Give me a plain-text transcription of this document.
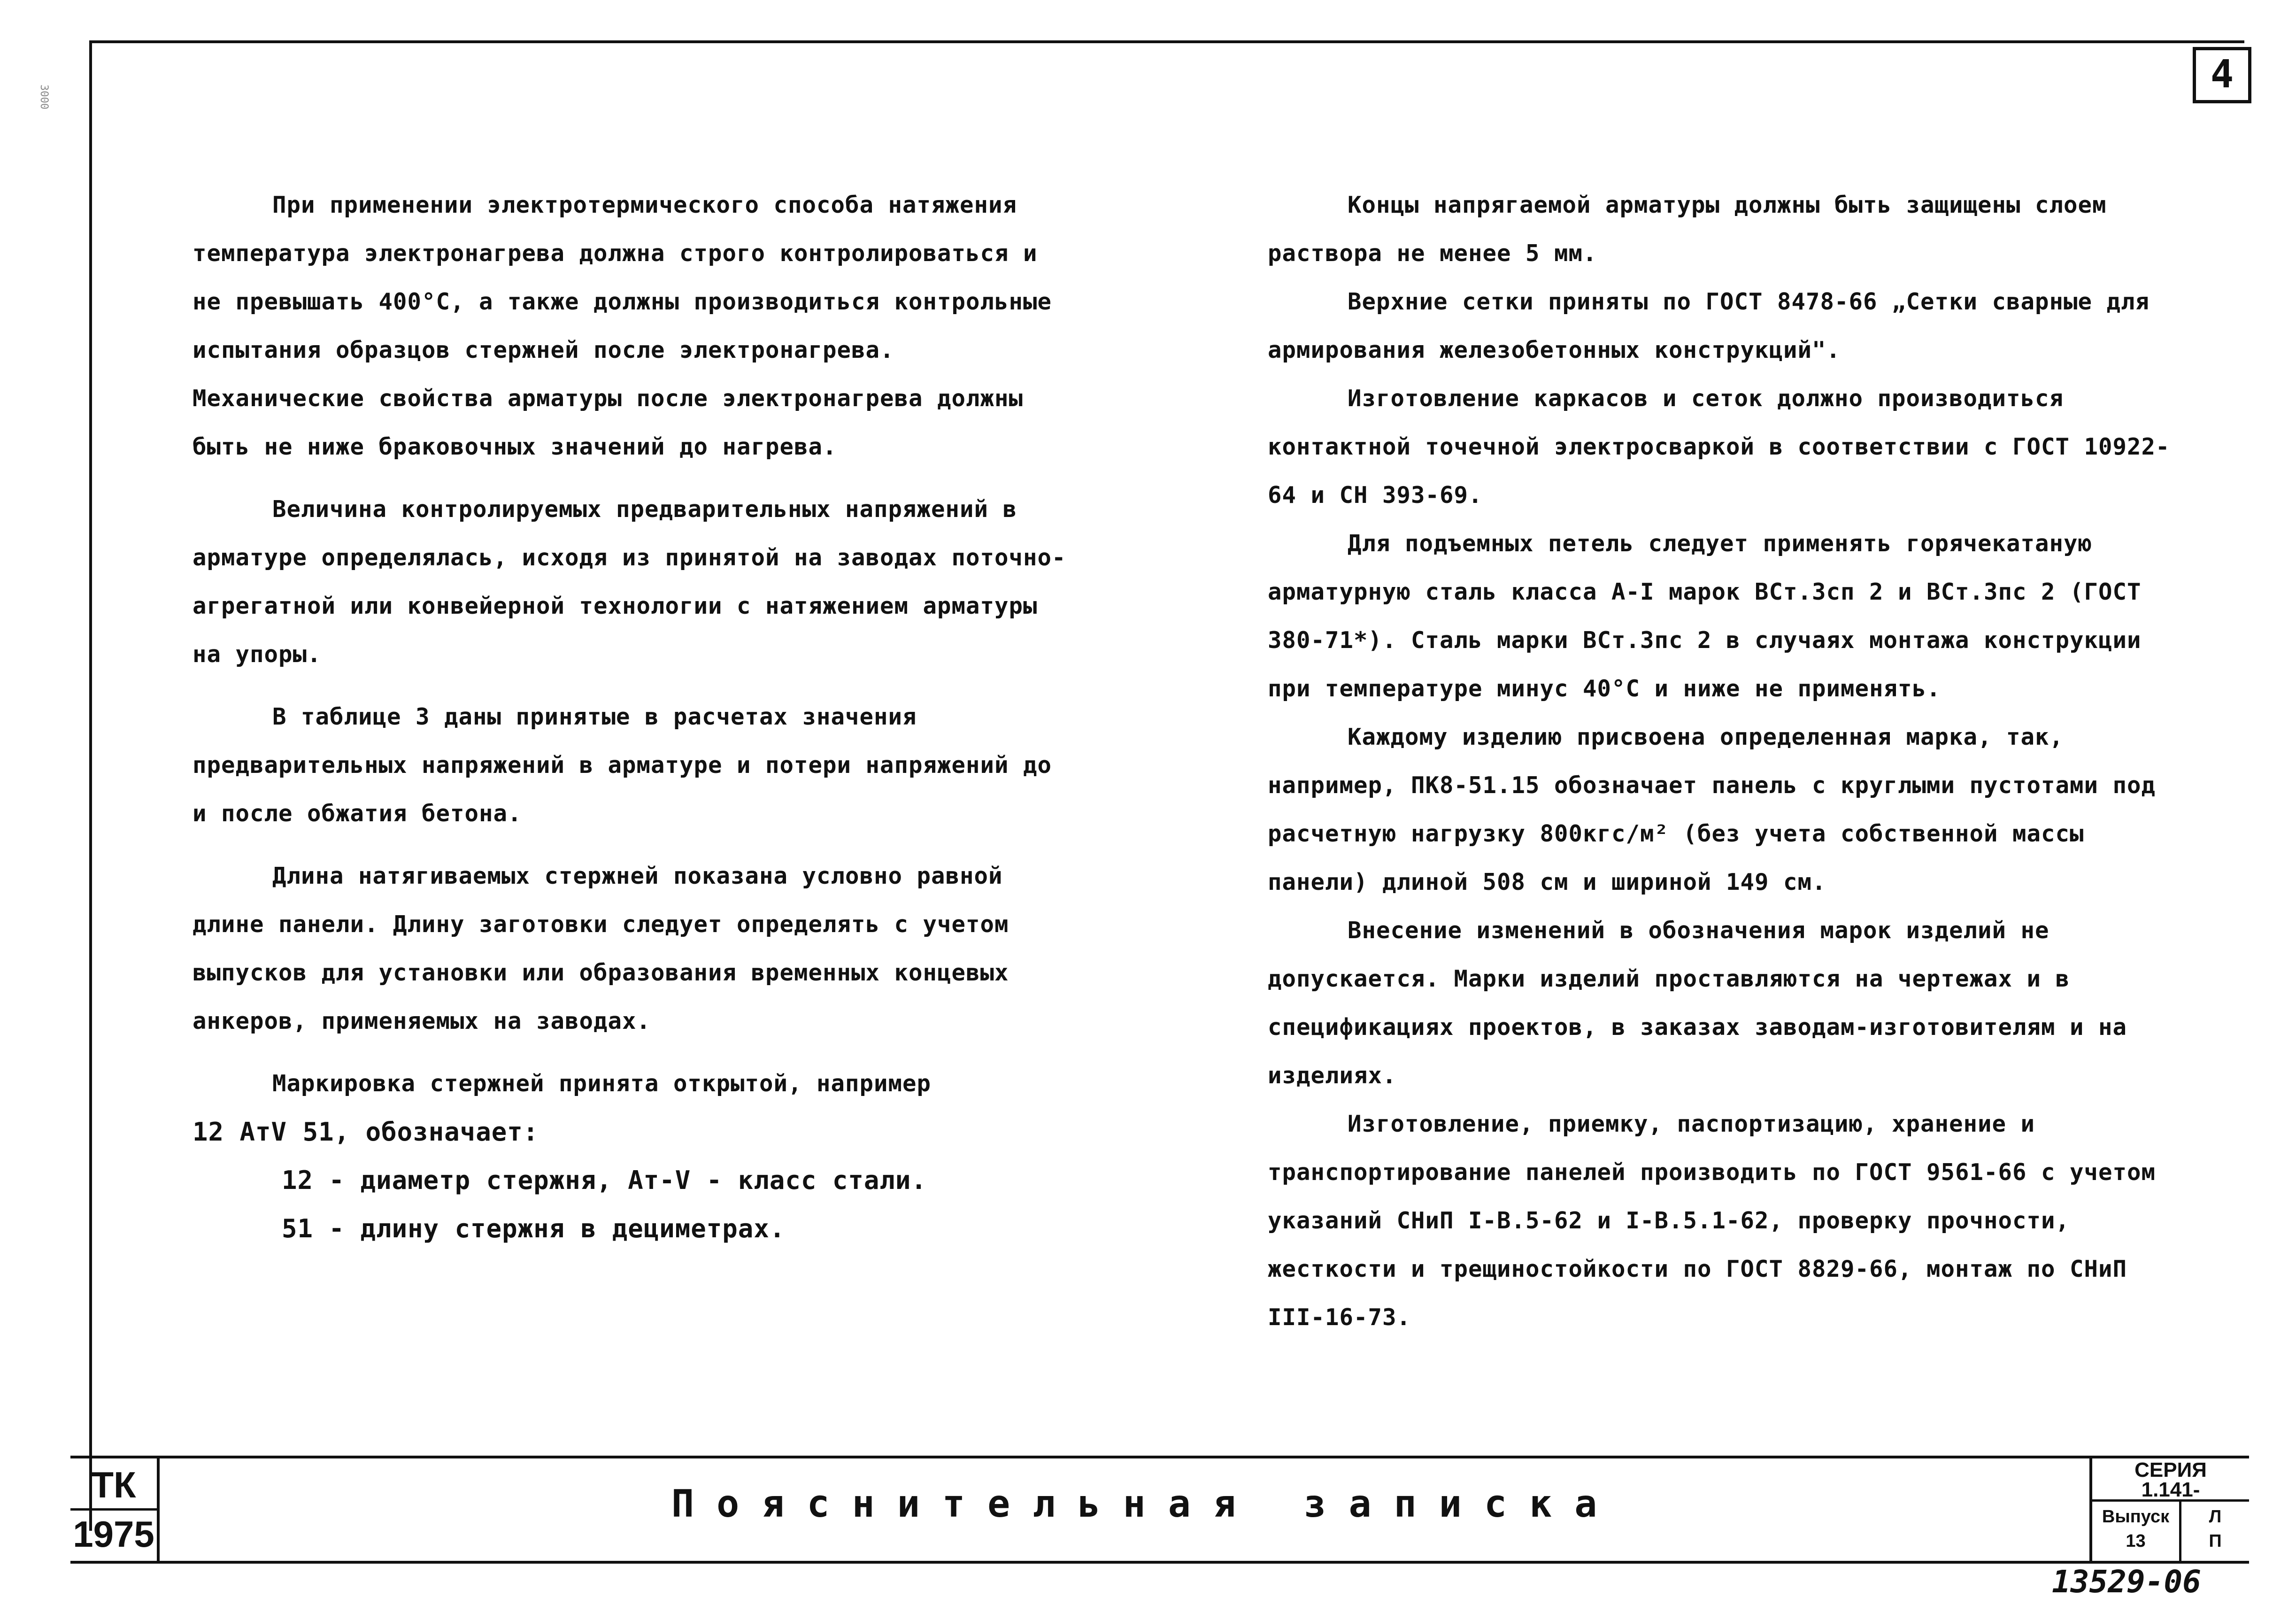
3000
4

При применении электротермического способа натяжения температура электронагрева должна строго контролироваться и не превышать 400°С, а также должны производиться контрольные испытания образцов стержней после электронагрева.

Механические свойства арматуры после электронагрева должны быть не ниже браковочных значений до нагрева.

Величина контролируемых предварительных напряжений в арматуре определялась, исходя из принятой на заводах поточно-агрегатной или конвейерной технологии с натяжением арматуры на упоры.

В таблице 3 даны принятые в расчетах значения предварительных напряжений в арматуре и потери напряжений до и после обжатия бетона.

Длина натягиваемых стержней показана условно равной длине панели. Длину заготовки следует определять с учетом выпусков для установки или образования временных концевых анкеров, применяемых на заводах.

Маркировка стержней принята открытой, например

12 АтV 51, обозначает:
12 - диаметр стержня, Ат-V - класс стали.
51 - длину стержня в дециметрах.

Концы напрягаемой арматуры должны быть защищены слоем раствора не менее 5 мм.

Верхние сетки приняты по ГОСТ 8478-66 „Сетки сварные для армирования железобетонных конструкций".

Изготовление каркасов и сеток должно производиться контактной точечной электросваркой в соответствии с ГОСТ 10922-64 и СН 393-69.

Для подъемных петель следует применять горячекатаную арматурную сталь класса А-I марок ВСт.3сп 2 и ВСт.3пс 2 (ГОСТ 380-71*). Сталь марки ВСт.3пс 2 в случаях монтажа конструкции при температуре минус 40°С и ниже не применять.

Каждому изделию присвоена определенная марка, так, например, ПК8-51.15 обозначает панель с круглыми пустотами под расчетную нагрузку 800кгс/м² (без учета собственной массы панели) длиной 508 см и шириной 149 см.

Внесение изменений в обозначения марок изделий не допускается. Марки изделий проставляются на чертежах и в спецификациях проектов, в заказах заводам-изготовителям и на изделиях.

Изготовление, приемку, паспортизацию, хранение и транспортирование панелей производить по ГОСТ 9561-66 с учетом указаний СНиП I-В.5-62 и I-В.5.1-62, проверку прочности, жесткости и трещиностойкости по ГОСТ 8829-66, монтаж по СНиП III-16-73.

ТК
1975
Пояснительная записка
СЕРИЯ
1.141-
Выпуск
13
Л
П
13529-06
